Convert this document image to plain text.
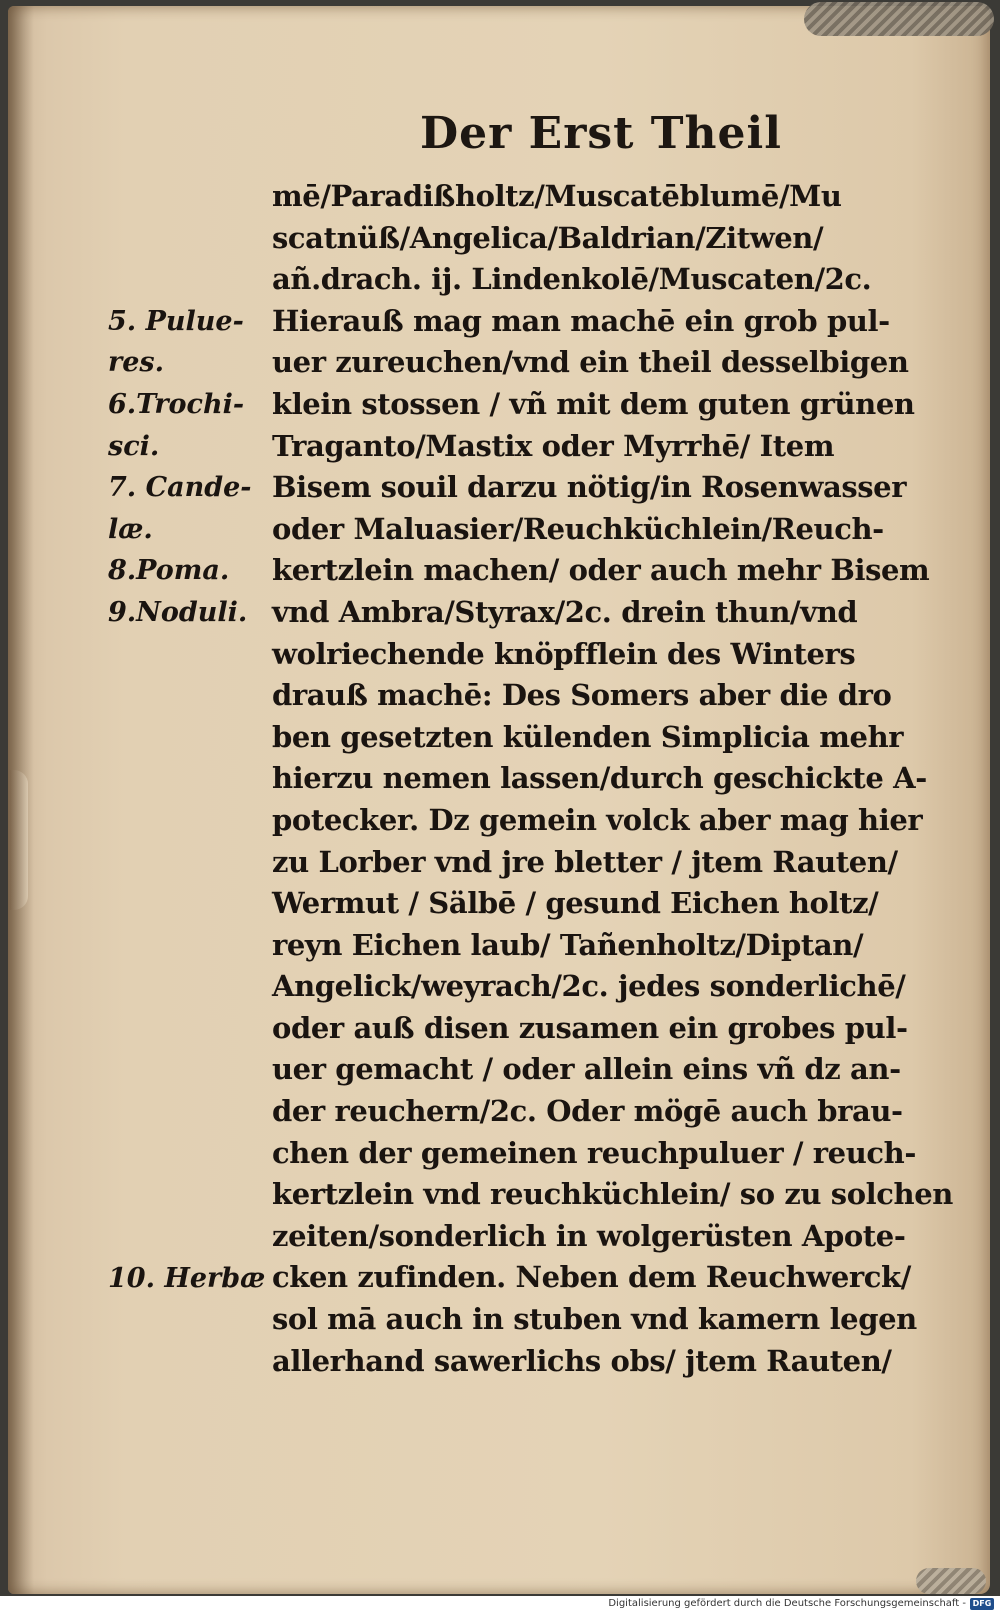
Der Erst Theil
mē/Paradißholtz/Muscatēblumē/Mu
scatnüß/Angelica/Baldrian/Zitwen/
añ.drach. ij. Lindenkolē/Muscaten/2c.
Hierauß mag man machē ein grob pul-
uer zureuchen/vnd ein theil desselbigen
klein stossen / vñ mit dem guten grünen
Traganto/Mastix oder Myrrhē/ Item
Bisem souil darzu nötig/in Rosenwasser
oder Maluasier/Reuchküchlein/Reuch-
kertzlein machen/ oder auch mehr Bisem
vnd Ambra/Styrax/2c. drein thun/vnd
wolriechende knöpfflein des Winters
drauß machē: Des Somers aber die dro
ben gesetzten külenden Simplicia mehr
hierzu nemen lassen/durch geschickte A-
potecker. Dz gemein volck aber mag hier
zu Lorber vnd jre bletter / jtem Rauten/
Wermut / Sälbē / gesund Eichen holtz/
reyn Eichen laub/ Tañenholtz/Diptan/
Angelick/weyrach/2c. jedes sonderlichē/
oder auß disen zusamen ein grobes pul-
uer gemacht / oder allein eins vñ dz an-
der reuchern/2c. Oder mögē auch brau-
chen der gemeinen reuchpuluer / reuch-
kertzlein vnd reuchküchlein/ so zu solchen
zeiten/sonderlich in wolgerüsten Apote-
cken zufinden. Neben dem Reuchwerck/
sol mā auch in stuben vnd kamern legen
allerhand sawerlichs obs/ jtem Rauten/
5. Pulue-
res.
6.Trochi-
sci.
7. Cande-
læ.
8.Poma.
9.Noduli.
10. Herbæ
Digitalisierung gefördert durch die Deutsche Forschungsgemeinschaft - DFG
